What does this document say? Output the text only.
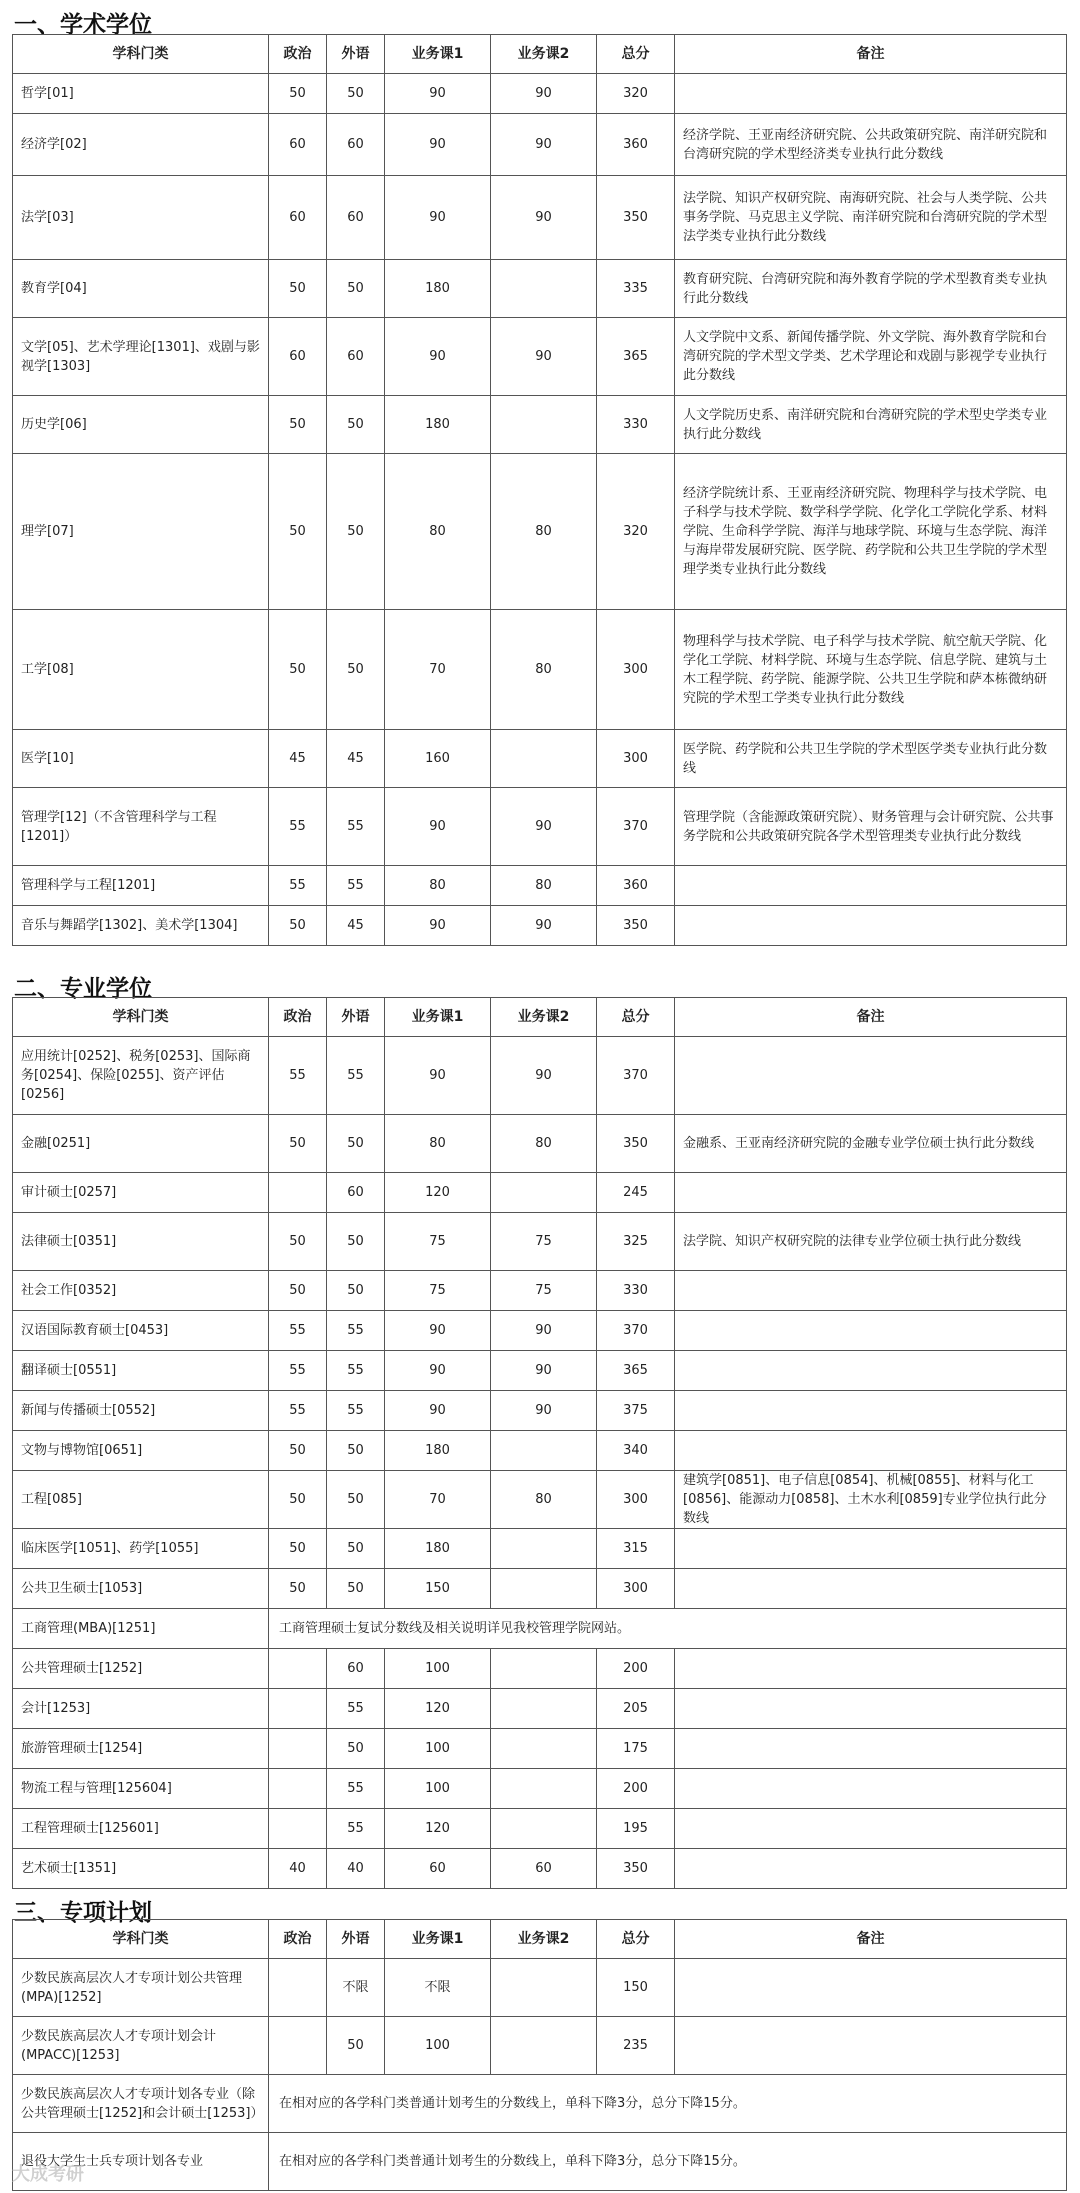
一、学术学位
学科门类	政治	外语	业务课1	业务课2	总分	备注
哲学[01]	50	50	90	90	320	
经济学[02]	60	60	90	90	360	经济学院、王亚南经济研究院、公共政策研究院、南洋研究院和台湾研究院的学术型经济类专业执行此分数线
法学[03]	60	60	90	90	350	法学院、知识产权研究院、南海研究院、社会与人类学院、公共事务学院、马克思主义学院、南洋研究院和台湾研究院的学术型法学类专业执行此分数线
教育学[04]	50	50	180		335	教育研究院、台湾研究院和海外教育学院的学术型教育类专业执行此分数线
文学[05]、艺术学理论[1301]、戏剧与影视学[1303]	60	60	90	90	365	人文学院中文系、新闻传播学院、外文学院、海外教育学院和台湾研究院的学术型文学类、艺术学理论和戏剧与影视学专业执行此分数线
历史学[06]	50	50	180		330	人文学院历史系、南洋研究院和台湾研究院的学术型史学类专业执行此分数线
理学[07]	50	50	80	80	320	经济学院统计系、王亚南经济研究院、物理科学与技术学院、电子科学与技术学院、数学科学学院、化学化工学院化学系、材料学院、生命科学学院、海洋与地球学院、环境与生态学院、海洋与海岸带发展研究院、医学院、药学院和公共卫生学院的学术型理学类专业执行此分数线
工学[08]	50	50	70	80	300	物理科学与技术学院、电子科学与技术学院、航空航天学院、化学化工学院、材料学院、环境与生态学院、信息学院、建筑与土木工程学院、药学院、能源学院、公共卫生学院和萨本栋微纳研究院的学术型工学类专业执行此分数线
医学[10]	45	45	160		300	医学院、药学院和公共卫生学院的学术型医学类专业执行此分数线
管理学[12]（不含管理科学与工程[1201]）	55	55	90	90	370	管理学院（含能源政策研究院）、财务管理与会计研究院、公共事务学院和公共政策研究院各学术型管理类专业执行此分数线
管理科学与工程[1201]	55	55	80	80	360	
音乐与舞蹈学[1302]、美术学[1304]	50	45	90	90	350	
二、专业学位
学科门类	政治	外语	业务课1	业务课2	总分	备注
应用统计[0252]、税务[0253]、国际商务[0254]、保险[0255]、资产评估[0256]	55	55	90	90	370	
金融[0251]	50	50	80	80	350	金融系、王亚南经济研究院的金融专业学位硕士执行此分数线
审计硕士[0257]		60	120		245	
法律硕士[0351]	50	50	75	75	325	法学院、知识产权研究院的法律专业学位硕士执行此分数线
社会工作[0352]	50	50	75	75	330	
汉语国际教育硕士[0453]	55	55	90	90	370	
翻译硕士[0551]	55	55	90	90	365	
新闻与传播硕士[0552]	55	55	90	90	375	
文物与博物馆[0651]	50	50	180		340	
工程[085]	50	50	70	80	300	建筑学[0851]、电子信息[0854]、机械[0855]、材料与化工[0856]、能源动力[0858]、土木水利[0859]专业学位执行此分数线
临床医学[1051]、药学[1055]	50	50	180		315	
公共卫生硕士[1053]	50	50	150		300	
工商管理(MBA)[1251]	工商管理硕士复试分数线及相关说明详见我校管理学院网站。					
公共管理硕士[1252]		60	100		200	
会计[1253]		55	120		205	
旅游管理硕士[1254]		50	100		175	
物流工程与管理[125604]		55	100		200	
工程管理硕士[125601]		55	120		195	
艺术硕士[1351]	40	40	60	60	350	
三、专项计划
学科门类	政治	外语	业务课1	业务课2	总分	备注
少数民族高层次人才专项计划公共管理(MPA)[1252]		不限	不限		150	
少数民族高层次人才专项计划会计(MPACC)[1253]		50	100		235	
少数民族高层次人才专项计划各专业（除公共管理硕士[1252]和会计硕士[1253]）	在相对应的各学科门类普通计划考生的分数线上，单科下降3分，总分下降15分。					
退役大学生士兵专项计划各专业	在相对应的各学科门类普通计划考生的分数线上，单科下降3分，总分下降15分。					
大成考研
